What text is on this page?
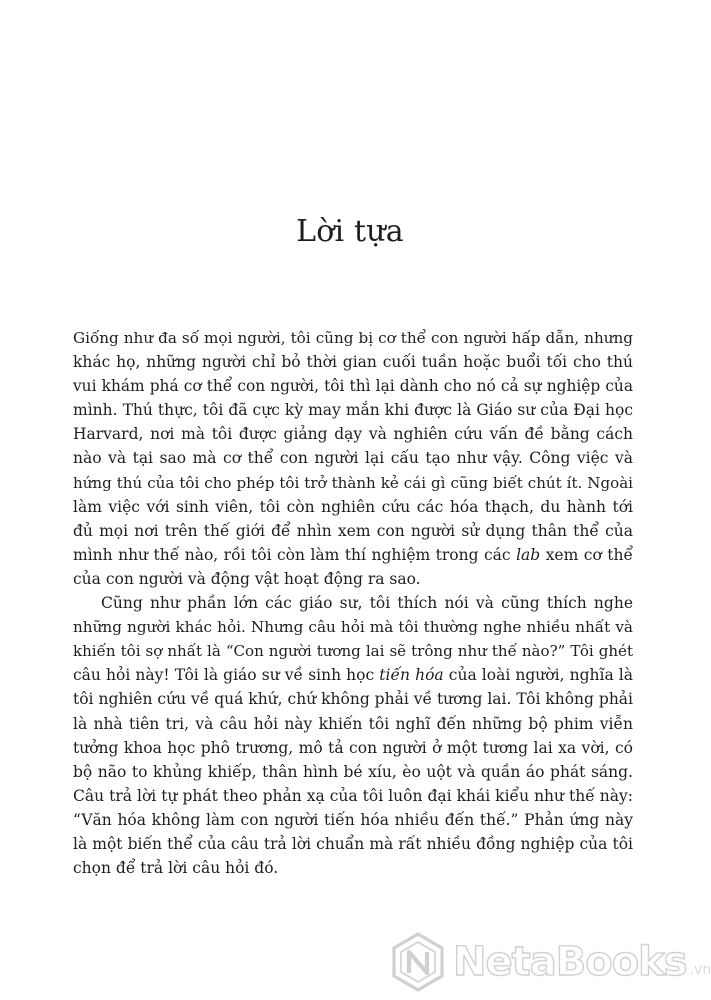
Lời tựa
Giống như đa số mọi người, tôi cũng bị cơ thể con người hấp dẫn, nhưng
khác họ, những người chỉ bỏ thời gian cuối tuần hoặc buổi tối cho thú
vui khám phá cơ thể con người, tôi thì lại dành cho nó cả sự nghiệp của
mình. Thú thực, tôi đã cực kỳ may mắn khi được là Giáo sư của Đại học
Harvard, nơi mà tôi được giảng dạy và nghiên cứu vấn đề bằng cách
nào và tại sao mà cơ thể con người lại cấu tạo như vậy. Công việc và
hứng thú của tôi cho phép tôi trở thành kẻ cái gì cũng biết chút ít. Ngoài
làm việc với sinh viên, tôi còn nghiên cứu các hóa thạch, du hành tới
đủ mọi nơi trên thế giới để nhìn xem con người sử dụng thân thể của
mình như thế nào, rồi tôi còn làm thí nghiệm trong các lab xem cơ thể
của con người và động vật hoạt động ra sao.
Cũng như phần lớn các giáo sư, tôi thích nói và cũng thích nghe
những người khác hỏi. Nhưng câu hỏi mà tôi thường nghe nhiều nhất và
khiến tôi sợ nhất là “Con người tương lai sẽ trông như thế nào?” Tôi ghét
câu hỏi này! Tôi là giáo sư về sinh học tiến hóa của loài người, nghĩa là
tôi nghiên cứu về quá khứ, chứ không phải về tương lai. Tôi không phải
là nhà tiên tri, và câu hỏi này khiến tôi nghĩ đến những bộ phim viễn
tưởng khoa học phô trương, mô tả con người ở một tương lai xa vời, có
bộ não to khủng khiếp, thân hình bé xíu, èo uột và quần áo phát sáng.
Câu trả lời tự phát theo phản xạ của tôi luôn đại khái kiểu như thế này:
“Văn hóa không làm con người tiến hóa nhiều đến thế.” Phản ứng này
là một biến thể của câu trả lời chuẩn mà rất nhiều đồng nghiệp của tôi
chọn để trả lời câu hỏi đó.
NetaBooks .vn
